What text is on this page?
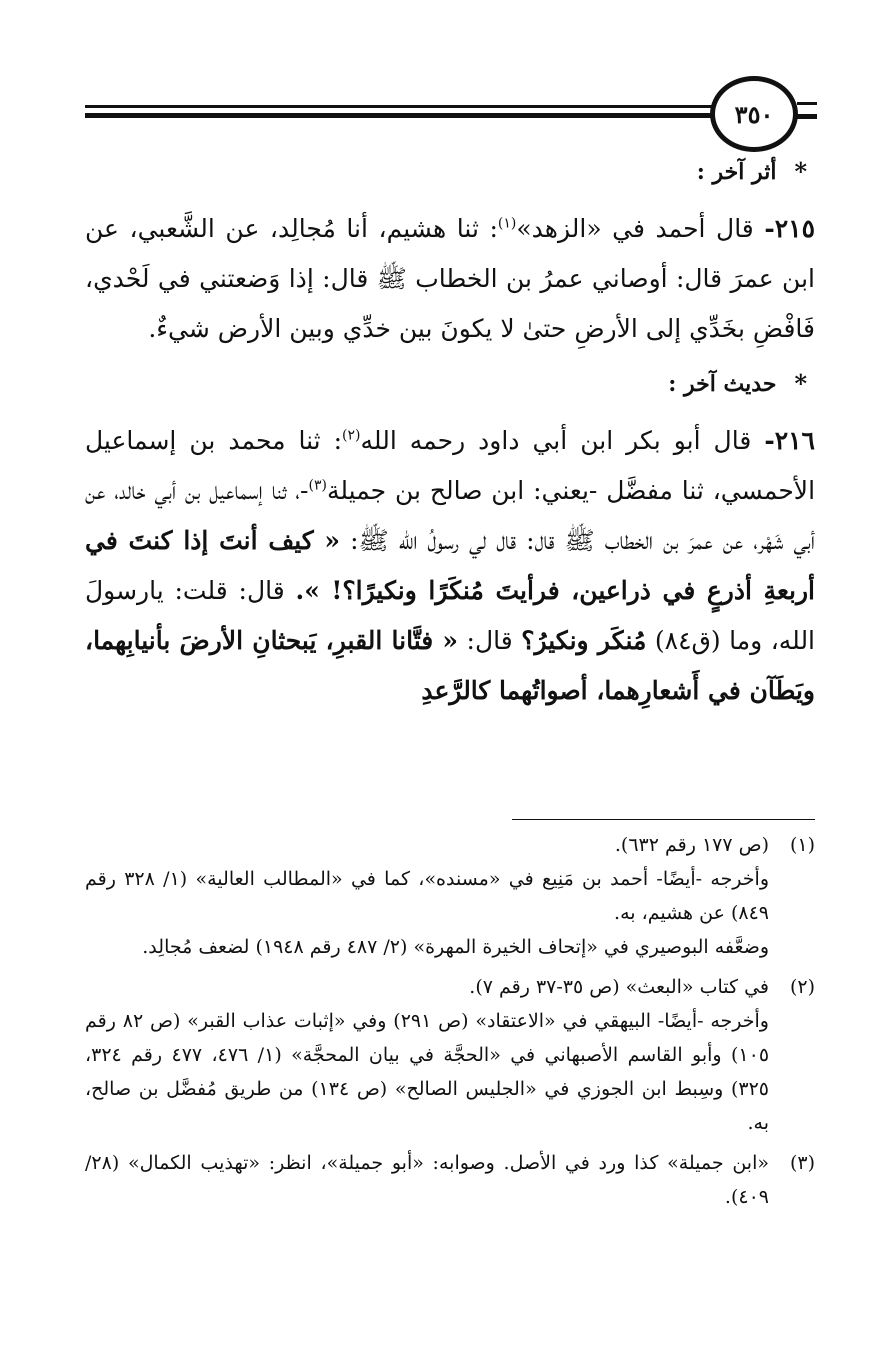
٣٥٠
*
أثر آخر :

٢١٥- قال أحمد في «الزهد»$^{(١)}$: ثنا هشيم، أنا مُجالِد، عن الشَّعبي، عن ابن عمرَ قال: أوصاني عمرُ بن الخطاب ﷺ قال: إذا وَضعتني في لَحْدي، فَافْضِ بخَدِّي إلى الأرضِ حتىٰ لا يكونَ بين خدِّي وبين الأرض شيءٌ.

*
حديث آخر :

٢١٦- قال أبو بكر ابن أبي داود رحمه الله$^{(٢)}$: ثنا محمد بن إسماعيل الأحمسي، ثنا مفضَّل -يعني: ابن صالح بن جميلة$^{(٣)}$-، ثنا إسماعيل بن أبي خالد، عن أبي شَهْر، عن عمرَ بن الخطاب ﷺ قال: قال لي رسولُ الله ﷺ: « كيف أنتَ إذا كنتَ في أربعةِ أذرعٍ في ذراعين، فرأيتَ مُنكَرًا ونكيرًا؟! ». قال: قلت: يارسولَ الله، وما (ق٨٤) مُنكَر ونكيرُ؟ قال: « فتَّانا القبرِ، يَبحثانِ الأرضَ بأنيابِهما، ويَطَآن في أَشعارِهما، أصواتُهما كالرَّعدِ

(١)
(ص ١٧٧ رقم ٦٣٢).
وأخرجه -أيضًا- أحمد بن مَنِيع في «مسنده»، كما في «المطالب العالية» (١/ ٣٢٨ رقم ٨٤٩) عن هشيم، به.
وضعَّفه البوصيري في «إتحاف الخيرة المهرة» (٢/ ٤٨٧ رقم ١٩٤٨) لضعف مُجالِد.
(٢)
في كتاب «البعث» (ص ٣٥-٣٧ رقم ٧).
وأخرجه -أيضًا- البيهقي في «الاعتقاد» (ص ٢٩١) وفي «إثبات عذاب القبر» (ص ٨٢ رقم ١٠٥) وأبو القاسم الأصبهاني في «الحجَّة في بيان المحجَّة» (١/ ٤٧٦، ٤٧٧ رقم ٣٢٤، ٣٢٥) وسِبط ابن الجوزي في «الجليس الصالح» (ص ١٣٤) من طريق مُفضَّل بن صالح، به.
(٣)
«ابن جميلة» كذا ورد في الأصل. وصوابه: «أبو جميلة»، انظر: «تهذيب الكمال» (٢٨/ ٤٠٩).
